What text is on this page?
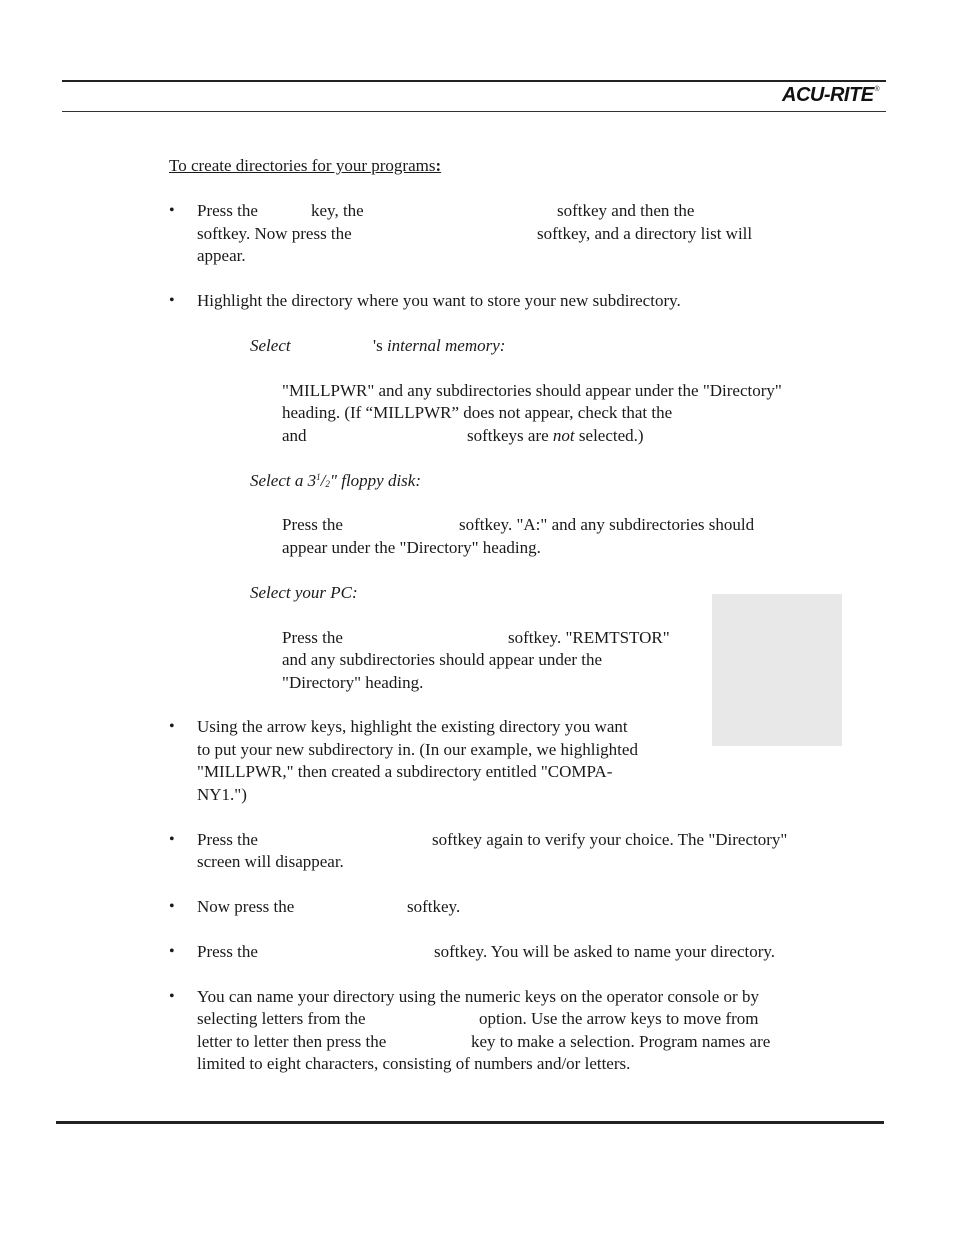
ACU-RITE®
To create directories for your programs:
• Press the	key, the	softkey and then the
softkey. Now press the	softkey, and a directory list will
appear.
• Highlight the directory where you want to store your new subdirectory.
Select	's internal memory:
"MILLPWR" and any subdirectories should appear under the "Directory"
heading. (If “MILLPWR” does not appear, check that the
and	softkeys are not selected.)
Select a $3^1/2$" floppy disk:
Press the	softkey. "A:" and any subdirectories should
appear under the "Directory" heading.
Select your PC:
Press the	softkey. "REMTSTOR"
and any subdirectories should appear under the
"Directory" heading.
• Using the arrow keys, highlight the existing directory you want
to put your new subdirectory in. (In our example, we highlighted
"MILLPWR," then created a subdirectory entitled "COMPA-
NY1.")
• Press the	softkey again to verify your choice. The "Directory"
screen will disappear.
• Now press the	softkey.
• Press the	softkey. You will be asked to name your directory.
• You can name your directory using the numeric keys on the operator console or by
selecting letters from the	option. Use the arrow keys to move from
letter to letter then press the	key to make a selection. Program names are
limited to eight characters, consisting of numbers and/or letters.
